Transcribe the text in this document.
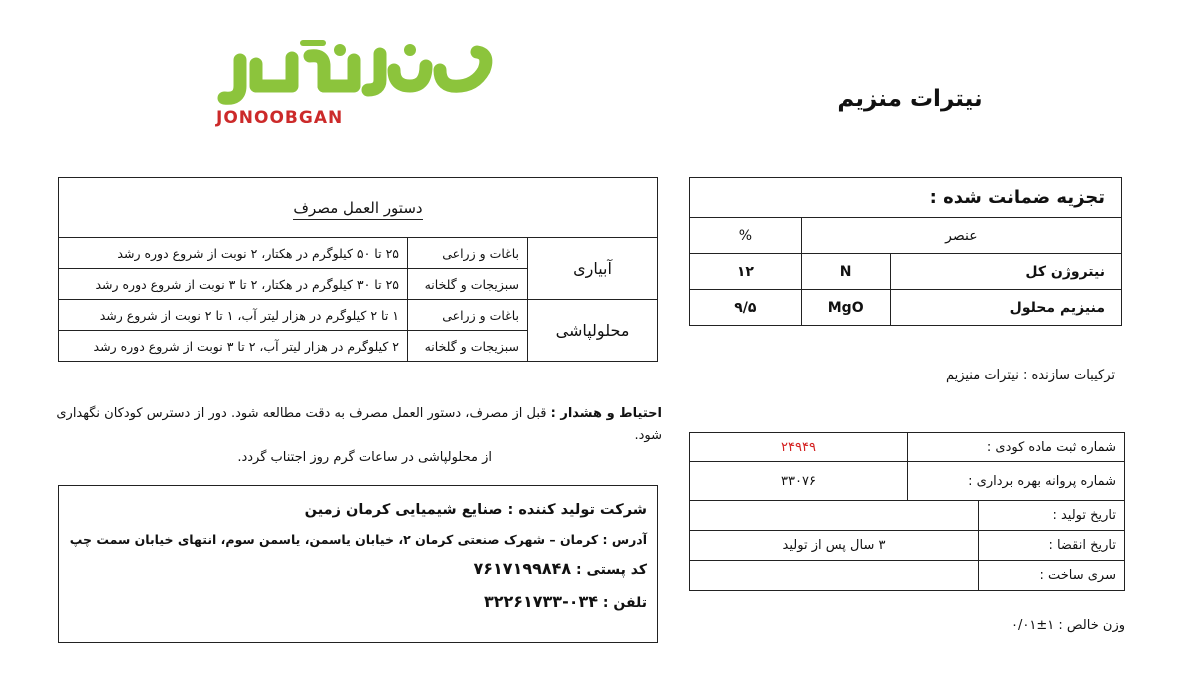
JONOOBGAN
نیترات منزیم
تجزیه ضمانت شده :		
عنصر		%
نیتروژن کل	N	۱۲
منیزیم محلول	MgO	۹/۵
ترکیبات سازنده : نیترات منیزیم
دستور العمل مصرف		
آبیاری	باغات و زراعی	۲۵ تا ۵۰ کیلوگرم در هکتار، ۲ نوبت از شروع دوره رشد
	سبزیجات و گلخانه	۲۵ تا ۳۰ کیلوگرم در هکتار، ۲ تا ۳ نوبت از شروع دوره رشد
محلولپاشی	باغات و زراعی	۱ تا ۲ کیلوگرم در هزار لیتر آب، ۱ تا ۲ نوبت از شروع رشد
	سبزیجات و گلخانه	۲ کیلوگرم در هزار لیتر آب، ۲ تا ۳ نوبت از شروع دوره رشد
احتیاط و هشدار : قبل از مصرف، دستور العمل مصرف به دقت مطالعه شود. دور از دسترس کودکان نگهداری شود.
از محلولپاشی در ساعات گرم روز اجتناب گردد.
شرکت تولید کننده : صنایع شیمیایی کرمان زمین
آدرس : کرمان – شهرک صنعتی کرمان ۲، خیابان یاسمن، یاسمن سوم، انتهای خیابان سمت چپ
کد پستی : ۷۶۱۷۱۹۹۸۴۸
تلفن : ۰۳۴-۳۲۲۶۱۷۳۳
شماره ثبت ماده کودی :		۲۴۹۴۹
شماره پروانه بهره برداری :		۳۳۰۷۶
تاریخ تولید :		
تاریخ انقضا :	۳ سال پس از تولید	
سری ساخت :		
وزن خالص : ۱±۰/۰۱
